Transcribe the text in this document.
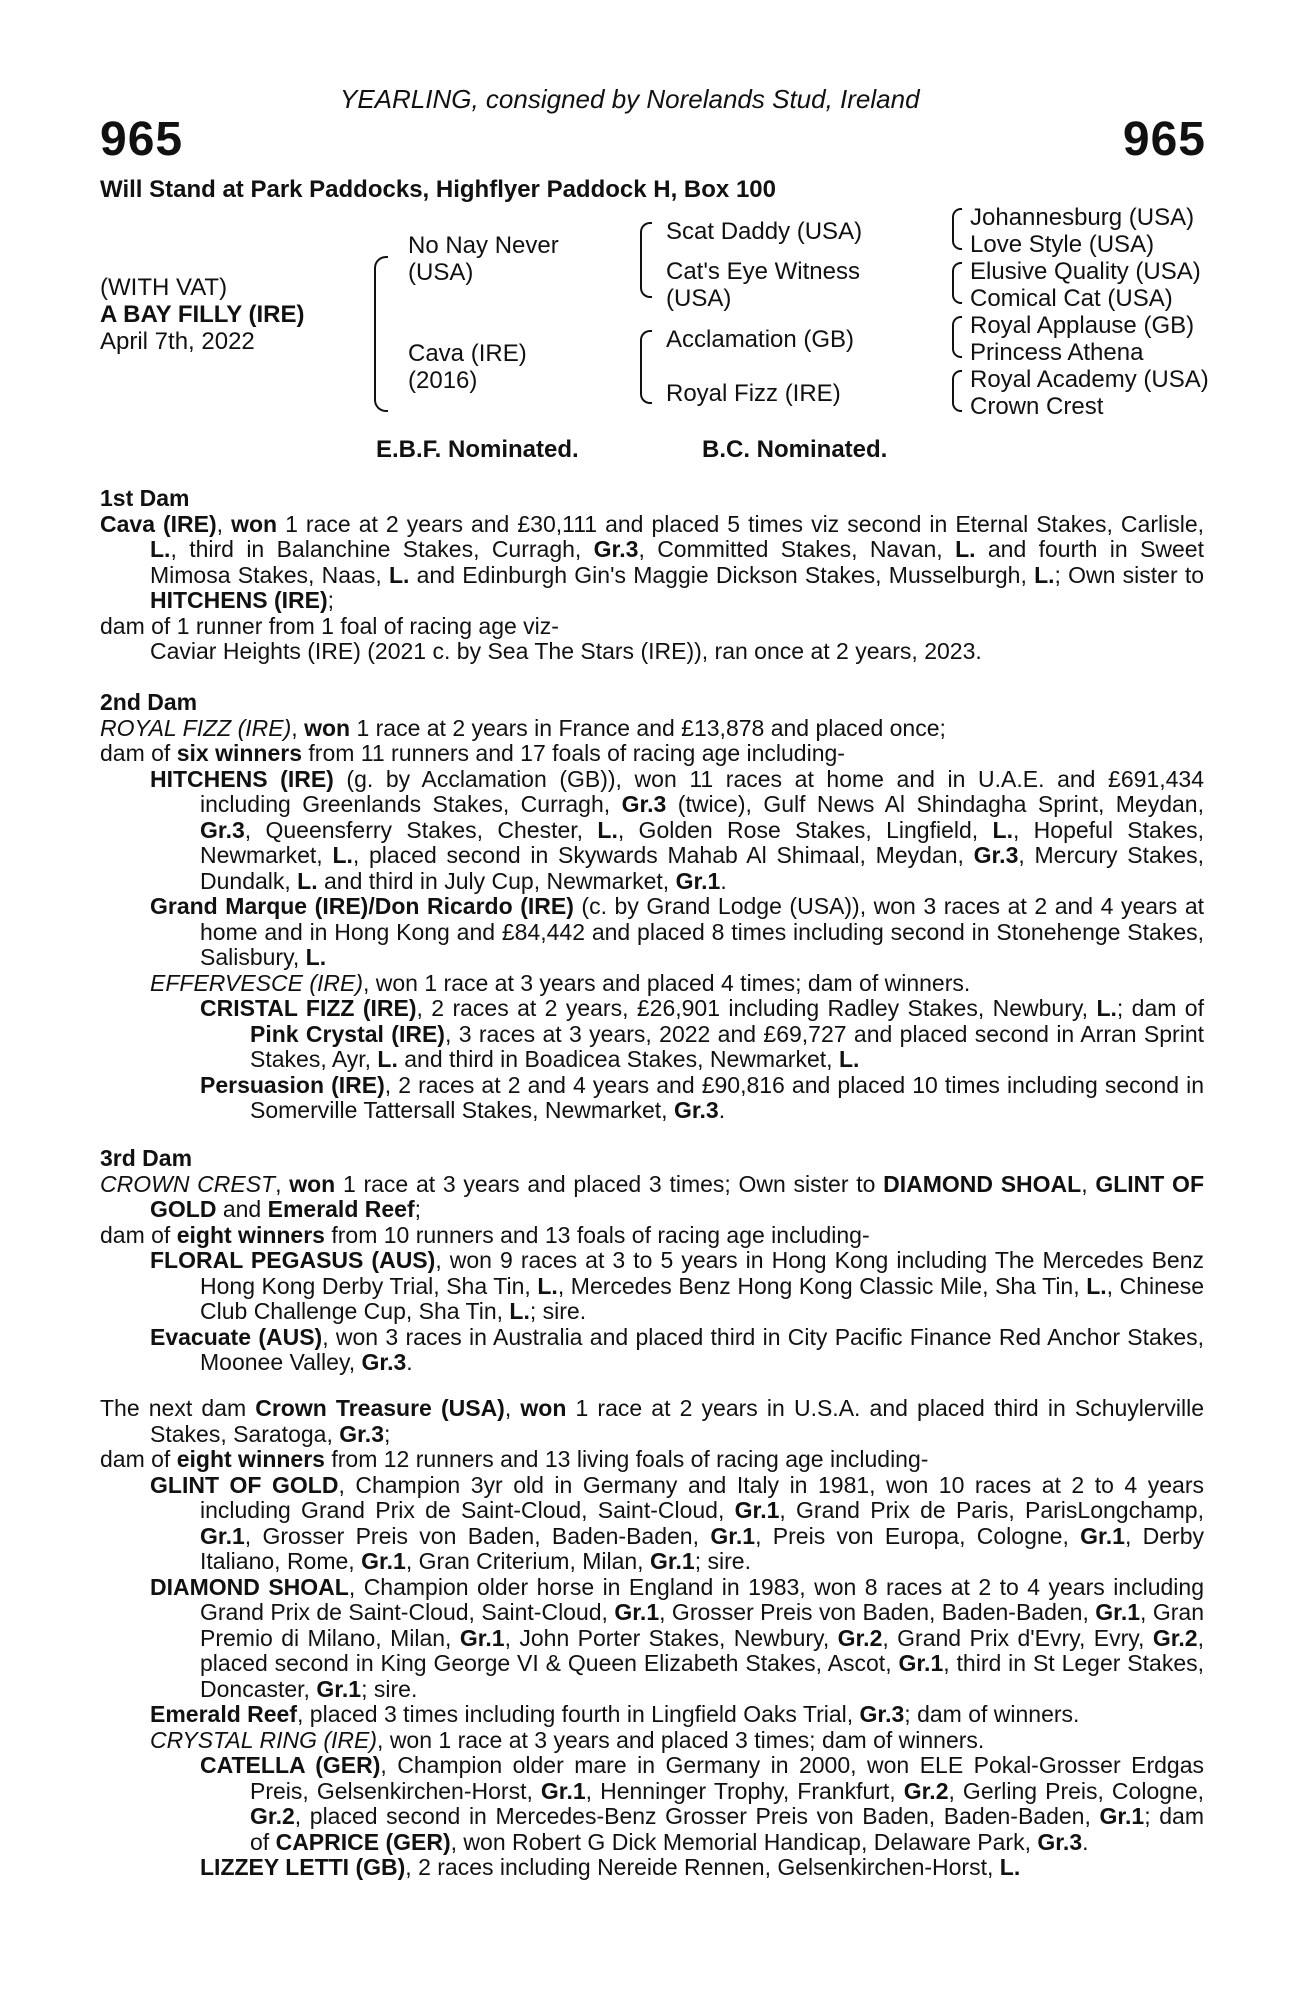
YEARLING, consigned by Norelands Stud, Ireland
965	965
Will Stand at Park Paddocks, Highflyer Paddock H, Box 100
(WITH VAT)
A BAY FILLY (IRE)
April 7th, 2022
No Nay Never
(USA)
Cava (IRE)
(2016)
Scat Daddy (USA)
Cat's Eye Witness
(USA)
Acclamation (GB)
Royal Fizz (IRE)
Johannesburg (USA)
Love Style (USA)
Elusive Quality (USA)
Comical Cat (USA)
Royal Applause (GB)
Princess Athena
Royal Academy (USA)
Crown Crest
E.B.F. Nominated.	B.C. Nominated.

1st Dam

Cava (IRE), won 1 race at 2 years and £30,111 and placed 5 times viz second in Eternal Stakes, Carlisle, L., third in Balanchine Stakes, Curragh, Gr.3, Committed Stakes, Navan, L. and fourth in Sweet Mimosa Stakes, Naas, L. and Edinburgh Gin's Maggie Dickson Stakes, Musselburgh, L.; Own sister to HITCHENS (IRE);

dam of 1 runner from 1 foal of racing age viz-

Caviar Heights (IRE) (2021 c. by Sea The Stars (IRE)), ran once at 2 years, 2023.

2nd Dam

ROYAL FIZZ (IRE), won 1 race at 2 years in France and £13,878 and placed once;

dam of six winners from 11 runners and 17 foals of racing age including-

HITCHENS (IRE) (g. by Acclamation (GB)), won 11 races at home and in U.A.E. and £691,434 including Greenlands Stakes, Curragh, Gr.3 (twice), Gulf News Al Shindagha Sprint, Meydan, Gr.3, Queensferry Stakes, Chester, L., Golden Rose Stakes, Lingfield, L., Hopeful Stakes, Newmarket, L., placed second in Skywards Mahab Al Shimaal, Meydan, Gr.3, Mercury Stakes, Dundalk, L. and third in July Cup, Newmarket, Gr.1.

Grand Marque (IRE)/Don Ricardo (IRE) (c. by Grand Lodge (USA)), won 3 races at 2 and 4 years at home and in Hong Kong and £84,442 and placed 8 times including second in Stonehenge Stakes, Salisbury, L.

EFFERVESCE (IRE), won 1 race at 3 years and placed 4 times; dam of winners.

CRISTAL FIZZ (IRE), 2 races at 2 years, £26,901 including Radley Stakes, Newbury, L.; dam of Pink Crystal (IRE), 3 races at 3 years, 2022 and £69,727 and placed second in Arran Sprint Stakes, Ayr, L. and third in Boadicea Stakes, Newmarket, L.

Persuasion (IRE), 2 races at 2 and 4 years and £90,816 and placed 10 times including second in Somerville Tattersall Stakes, Newmarket, Gr.3.

3rd Dam

CROWN CREST, won 1 race at 3 years and placed 3 times; Own sister to DIAMOND SHOAL, GLINT OF GOLD and Emerald Reef;

dam of eight winners from 10 runners and 13 foals of racing age including-

FLORAL PEGASUS (AUS), won 9 races at 3 to 5 years in Hong Kong including The Mercedes Benz Hong Kong Derby Trial, Sha Tin, L., Mercedes Benz Hong Kong Classic Mile, Sha Tin, L., Chinese Club Challenge Cup, Sha Tin, L.; sire.

Evacuate (AUS), won 3 races in Australia and placed third in City Pacific Finance Red Anchor Stakes, Moonee Valley, Gr.3.

The next dam Crown Treasure (USA), won 1 race at 2 years in U.S.A. and placed third in Schuylerville Stakes, Saratoga, Gr.3;

dam of eight winners from 12 runners and 13 living foals of racing age including-

GLINT OF GOLD, Champion 3yr old in Germany and Italy in 1981, won 10 races at 2 to 4 years including Grand Prix de Saint-Cloud, Saint-Cloud, Gr.1, Grand Prix de Paris, ParisLongchamp, Gr.1, Grosser Preis von Baden, Baden-Baden, Gr.1, Preis von Europa, Cologne, Gr.1, Derby Italiano, Rome, Gr.1, Gran Criterium, Milan, Gr.1; sire.

DIAMOND SHOAL, Champion older horse in England in 1983, won 8 races at 2 to 4 years including Grand Prix de Saint-Cloud, Saint-Cloud, Gr.1, Grosser Preis von Baden, Baden-Baden, Gr.1, Gran Premio di Milano, Milan, Gr.1, John Porter Stakes, Newbury, Gr.2, Grand Prix d'Evry, Evry, Gr.2, placed second in King George VI & Queen Elizabeth Stakes, Ascot, Gr.1, third in St Leger Stakes, Doncaster, Gr.1; sire.

Emerald Reef, placed 3 times including fourth in Lingfield Oaks Trial, Gr.3; dam of winners.

CRYSTAL RING (IRE), won 1 race at 3 years and placed 3 times; dam of winners.

CATELLA (GER), Champion older mare in Germany in 2000, won ELE Pokal-Grosser Erdgas Preis, Gelsenkirchen-Horst, Gr.1, Henninger Trophy, Frankfurt, Gr.2, Gerling Preis, Cologne, Gr.2, placed second in Mercedes-Benz Grosser Preis von Baden, Baden-Baden, Gr.1; dam of CAPRICE (GER), won Robert G Dick Memorial Handicap, Delaware Park, Gr.3.

LIZZEY LETTI (GB), 2 races including Nereide Rennen, Gelsenkirchen-Horst, L.
